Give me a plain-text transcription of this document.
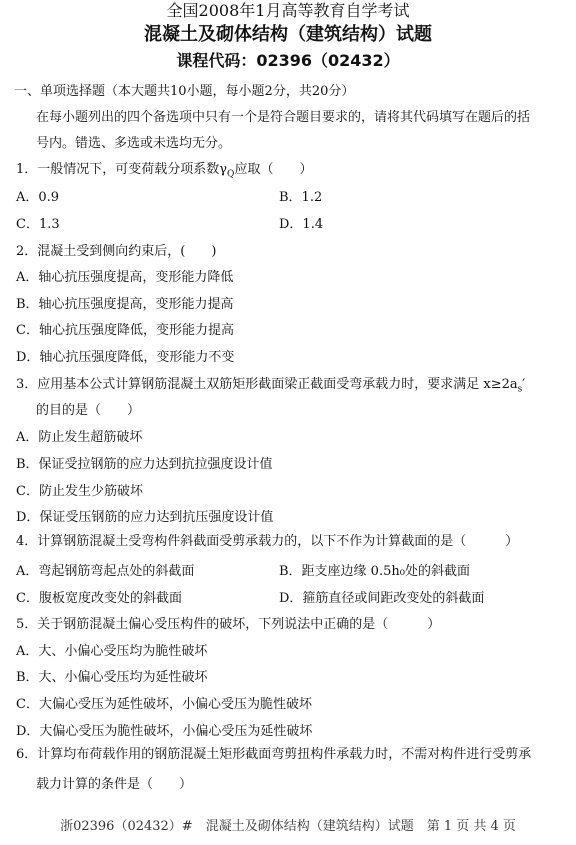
全国2008年1月高等教育自学考试
混凝土及砌体结构（建筑结构）试题
课程代码：02396（02432）
一、单项选择题（本大题共10小题，每小题2分，共20分）
在每小题列出的四个备选项中只有一个是符合题目要求的，请将其代码填写在题后的括
号内。错选、多选或未选均无分。
1．一般情况下，可变荷载分项系数$\gamma_Q$应取（　　）
A．0.9	B．1.2
C．1.3	D．1.4
2．混凝土受到侧向约束后，(　　)
A．轴心抗压强度提高，变形能力降低
B．轴心抗压强度提高，变形能力提高
C．轴心抗压强度降低，变形能力提高
D．轴心抗压强度降低，变形能力不变
3．应用基本公式计算钢筋混凝土双筋矩形截面梁正截面受弯承载力时，要求满足 $x\ge 2a_s'$
的目的是（　　）
A．防止发生超筋破坏
B．保证受拉钢筋的应力达到抗拉强度设计值
C．防止发生少筋破坏
D．保证受压钢筋的应力达到抗压强度设计值
4．计算钢筋混凝土受弯构件斜截面受剪承载力的，以下不作为计算截面的是（　　　）
A．弯起钢筋弯起点处的斜截面	B．距支座边缘 0.5h₀处的斜截面
C．腹板宽度改变处的斜截面	D．箍筋直径或间距改变处的斜截面
5．关于钢筋混凝土偏心受压构件的破坏，下列说法中正确的是（　　　）
A．大、小偏心受压均为脆性破坏
B．大、小偏心受压均为延性破坏
C．大偏心受压为延性破坏，小偏心受压为脆性破坏
D．大偏心受压为脆性破坏，小偏心受压为延性破坏
6．计算均布荷载作用的钢筋混凝土矩形截面弯剪扭构件承载力时，不需对构件进行受剪承
载力计算的条件是（　　）
浙02396（02432）#　混凝土及砌体结构（建筑结构）试题　第 1 页 共 4 页
